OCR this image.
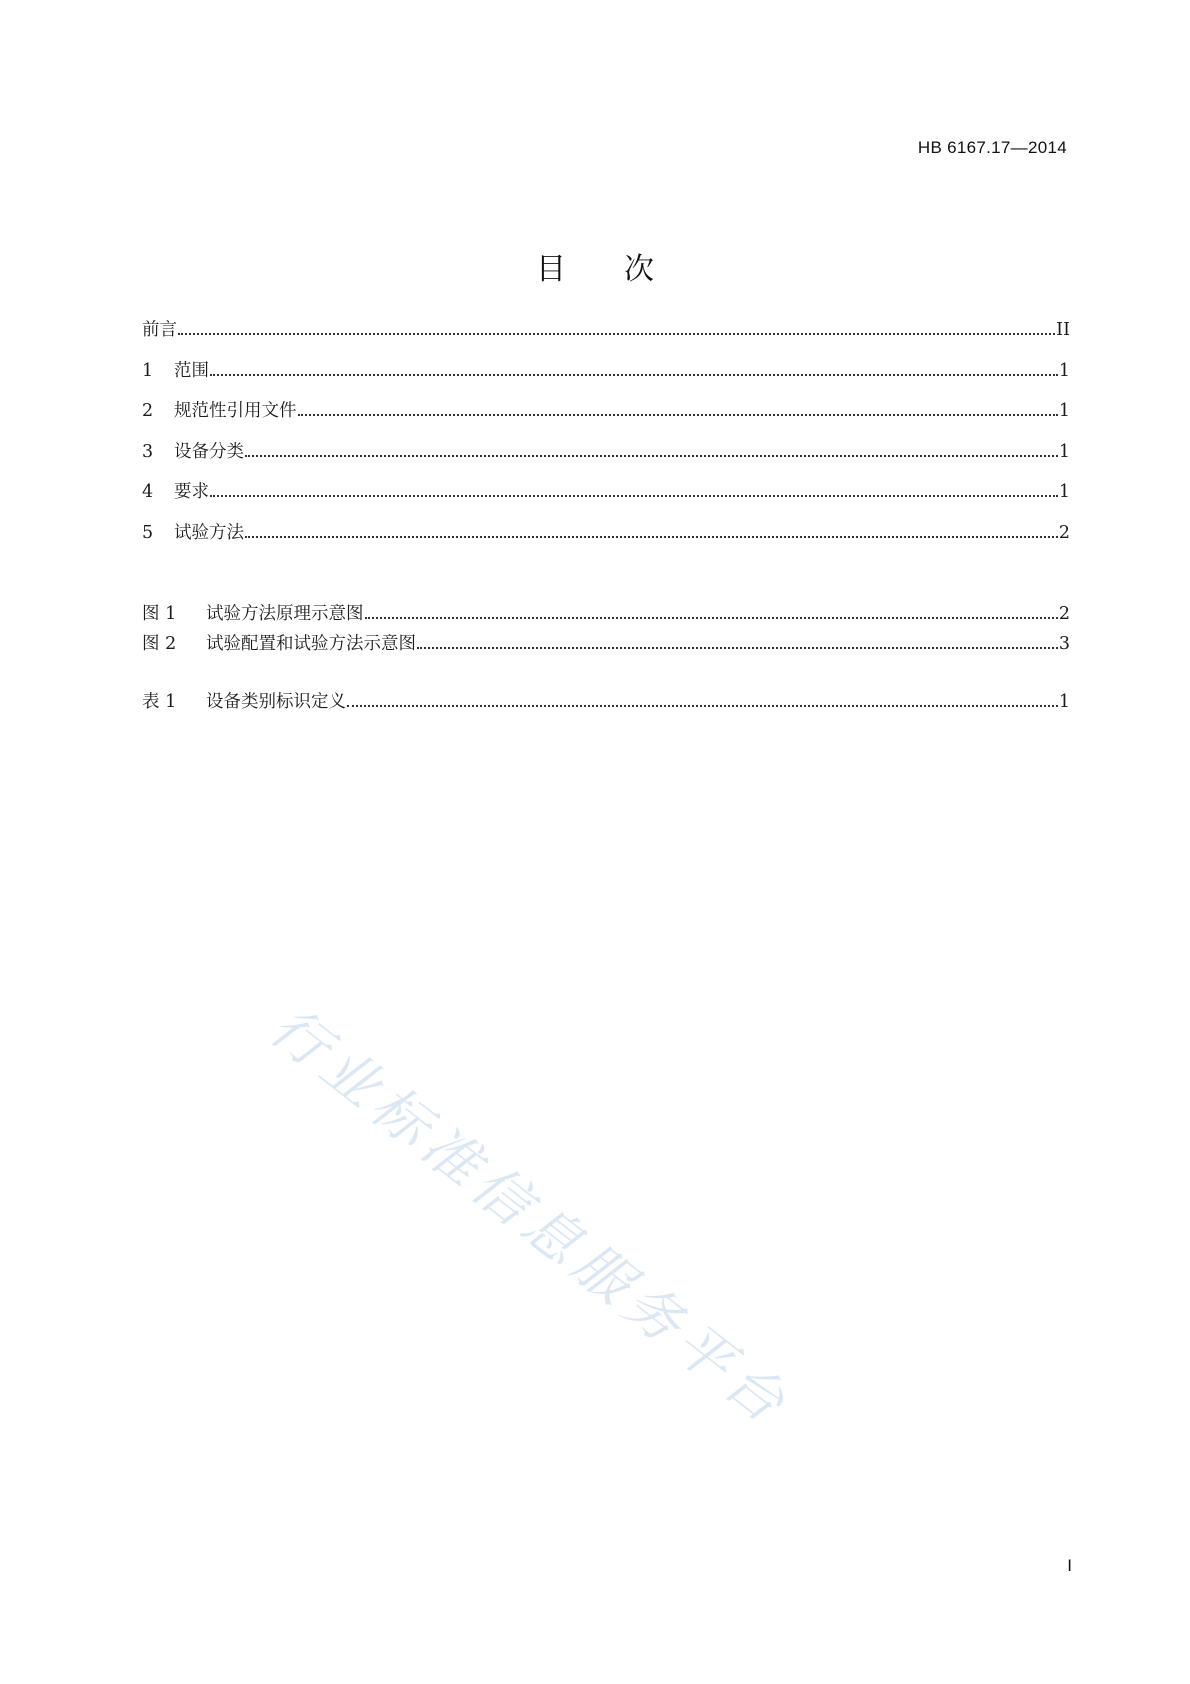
HB 6167.17—2014
目次
前言	II
1	范围	1
2	规范性引用文件	1
3	设备分类	1
4	要求	1
5	试验方法	2
图 1	试验方法原理示意图	2
图 2	试验配置和试验方法示意图	3
表 1	设备类别标识定义	1
行业标准信息服务平台
I
